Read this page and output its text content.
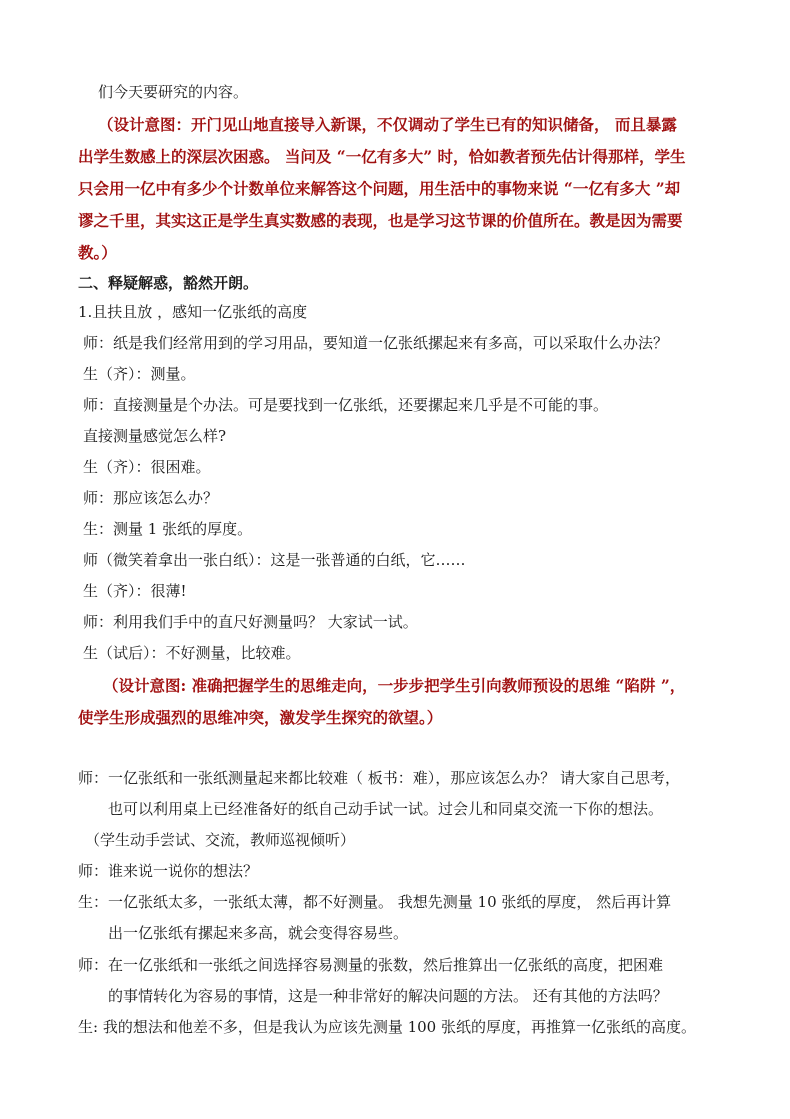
们今天要研究的内容。
（设计意图：开门见山地直接导入新课，不仅调动了学生已有的知识储备， 而且暴露
出学生数感上的深层次困惑。 当问及 “一亿有多大” 时，恰如教者预先估计得那样，学生
只会用一亿中有多少个计数单位来解答这个问题，用生活中的事物来说 “一亿有多大 ”却
谬之千里，其实这正是学生真实数感的表现，也是学习这节课的价值所在。教是因为需要
教。）
二、释疑解惑，豁然开朗。
1.且扶且放 ，感知一亿张纸的高度
师：纸是我们经常用到的学习用品，要知道一亿张纸摞起来有多高，可以采取什么办法？
生（齐）：测量。
师：直接测量是个办法。可是要找到一亿张纸，还要摞起来几乎是不可能的事。
直接测量感觉怎么样?
生（齐）：很困难。
师：那应该怎么办？
生：测量 1 张纸的厚度。
师（微笑着拿出一张白纸）：这是一张普通的白纸，它……
生（齐）：很薄!
师：利用我们手中的直尺好测量吗？ 大家试一试。
生（试后）：不好测量，比较难。
（设计意图: 准确把握学生的思维走向，一步步把学生引向教师预设的思维 “陷阱 ”，
使学生形成强烈的思维冲突，激发学生探究的欲望。）
师：一亿张纸和一张纸测量起来都比较难（ 板书：难），那应该怎么办？ 请大家自己思考，
也可以利用桌上已经准备好的纸自己动手试一试。过会儿和同桌交流一下你的想法。
（学生动手尝试、交流，教师巡视倾听）
师：谁来说一说你的想法？
生：一亿张纸太多，一张纸太薄，都不好测量。 我想先测量 10 张纸的厚度， 然后再计算
出一亿张纸有摞起来多高，就会变得容易些。
师：在一亿张纸和一张纸之间选择容易测量的张数，然后推算出一亿张纸的高度，把困难
的事情转化为容易的事情，这是一种非常好的解决问题的方法。 还有其他的方法吗？
生: 我的想法和他差不多，但是我认为应该先测量 100 张纸的厚度，再推算一亿张纸的高度。
